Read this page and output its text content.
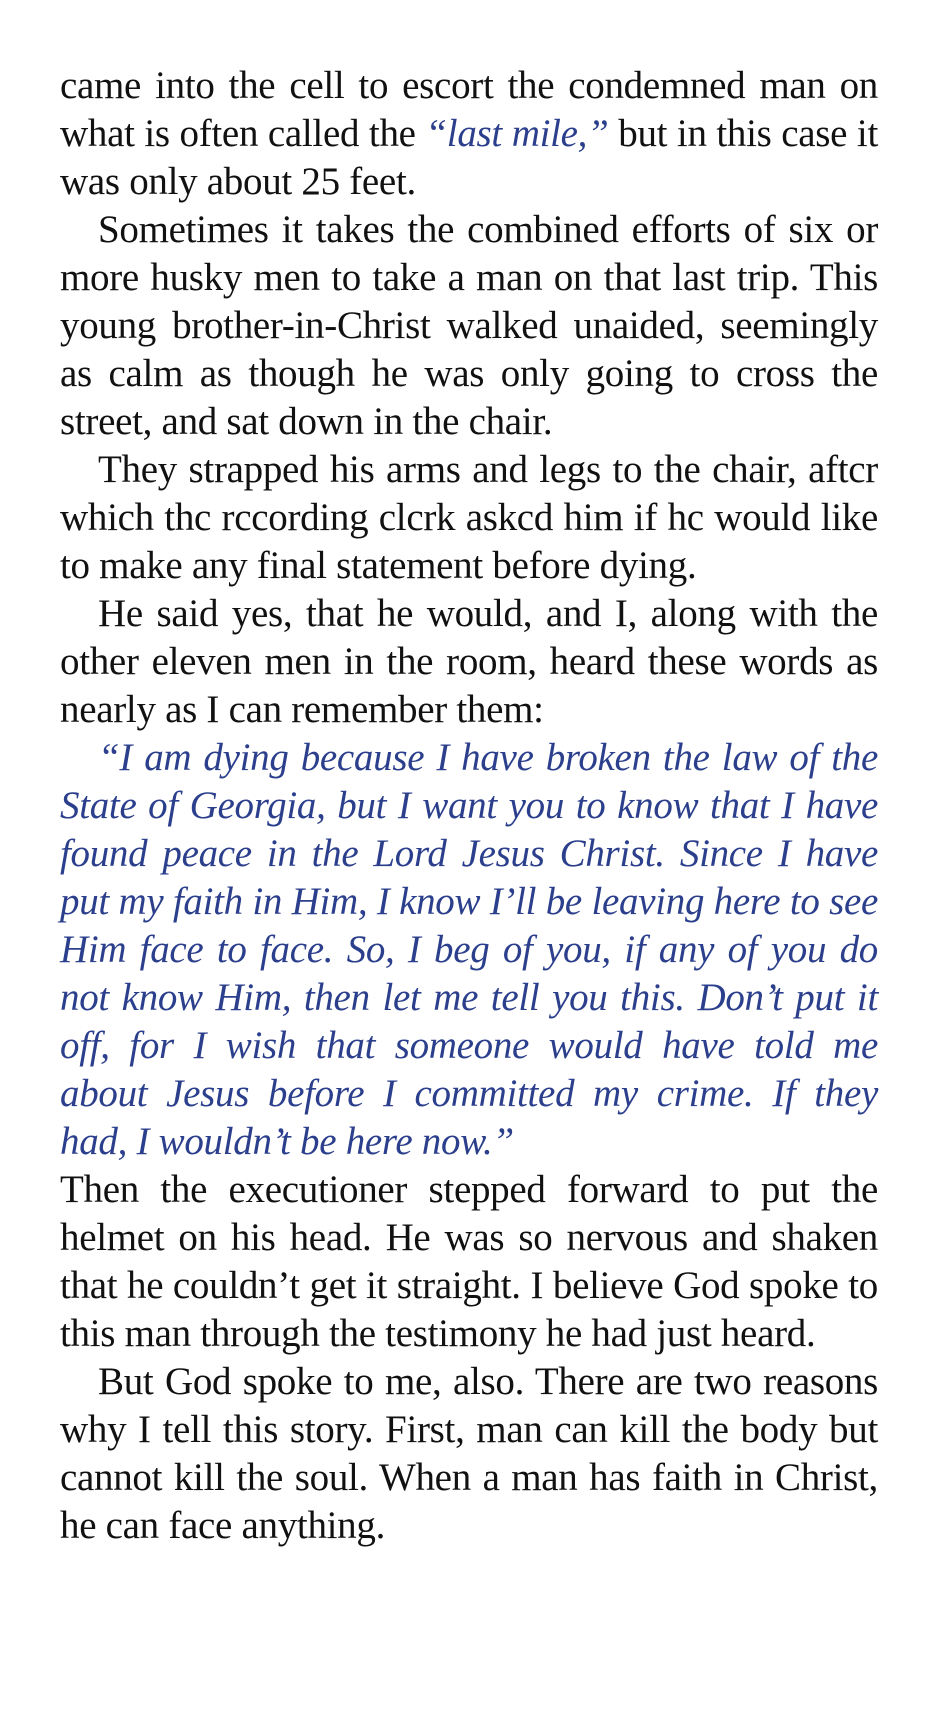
came into the cell to escort the condemned man on what is often called the “last mile,” but in this case it was only about 25 feet.

Sometimes it takes the combined efforts of six or more husky men to take a man on that last trip. This young brother-in-Christ walked unaided, seemingly as calm as though he was only going to cross the street, and sat down in the chair.

They strapped his arms and legs to the chair, aftcr which thc rccording clcrk askcd him if hc would like to make any final statement before dying.

He said yes, that he would, and I, along with the other eleven men in the room, heard these words as nearly as I can remember them:

“I am dying because I have broken the law of the State of Georgia, but I want you to know that I have found peace in the Lord Jesus Christ. Since I have put my faith in Him, I know I’ll be leaving here to see Him face to face. So, I beg of you, if any of you do not know Him, then let me tell you this. Don’t put it off, for I wish that someone would have told me about Jesus before I committed my crime. If they had, I wouldn’t be here now.”

Then the executioner stepped forward to put the helmet on his head. He was so nervous and shaken that he couldn’t get it straight. I believe God spoke to this man through the testimony he had just heard.

But God spoke to me, also. There are two reasons why I tell this story. First, man can kill the body but cannot kill the soul. When a man has faith in Christ, he can face anything.
